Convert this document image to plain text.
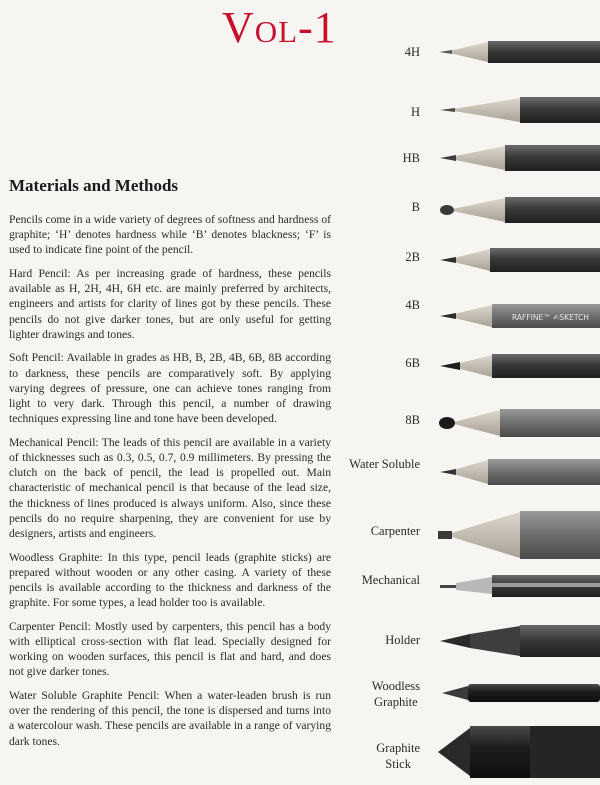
Vol-1
Materials and Methods

Pencils come in a wide variety of degrees of softness and hardness of graphite; ‘H’ denotes hardness while ‘B’ denotes blackness; ‘F’ is used to indicate fine point of the pencil.

Hard Pencil: As per increasing grade of hardness, these pencils available as H, 2H, 4H, 6H etc. are mainly preferred by architects, engineers and artists for clarity of lines got by these pencils. These pencils do not give darker tones, but are only useful for getting lighter drawings and tones.

Soft Pencil: Available in grades as HB, B, 2B, 4B, 6B, 8B according to darkness, these pencils are comparatively soft. By applying varying degrees of pressure, one can achieve tones ranging from light to very dark. Through this pencil, a number of drawing techniques expressing line and tone have been developed.

Mechanical Pencil: The leads of this pencil are available in a variety of thicknesses such as 0.3, 0.5, 0.7, 0.9 millimeters. By pressing the clutch on the back of pencil, the lead is propelled out. Main characteristic of mechanical pencil is that because of the lead size, the thickness of lines produced is always uniform. Also, since these pencils do no require sharpening, they are convenient for use by designers, artists and engineers.

Woodless Graphite: In this type, pencil leads (graphite sticks) are prepared without wooden or any other casing. A variety of these pencils is available according to the thickness and darkness of the graphite. For some types, a lead holder too is available.

Carpenter Pencil: Mostly used by carpenters, this pencil has a body with elliptical cross-section with flat lead. Specially designed for working on wooden surfaces, this pencil is flat and hard, and does not give darker tones.

Water Soluble Graphite Pencil: When a water-leaden brush is run over the rendering of this pencil, the tone is dispersed and turns into a watercolour wash. These pencils are available in a range of varying dark tones.

4H
H
HB
B
2B
4B
6B
8B
Water Soluble
Carpenter
Mechanical
Holder
Woodless
Graphite
Graphite
Stick
RAFFINE™ ✍SKETCH
